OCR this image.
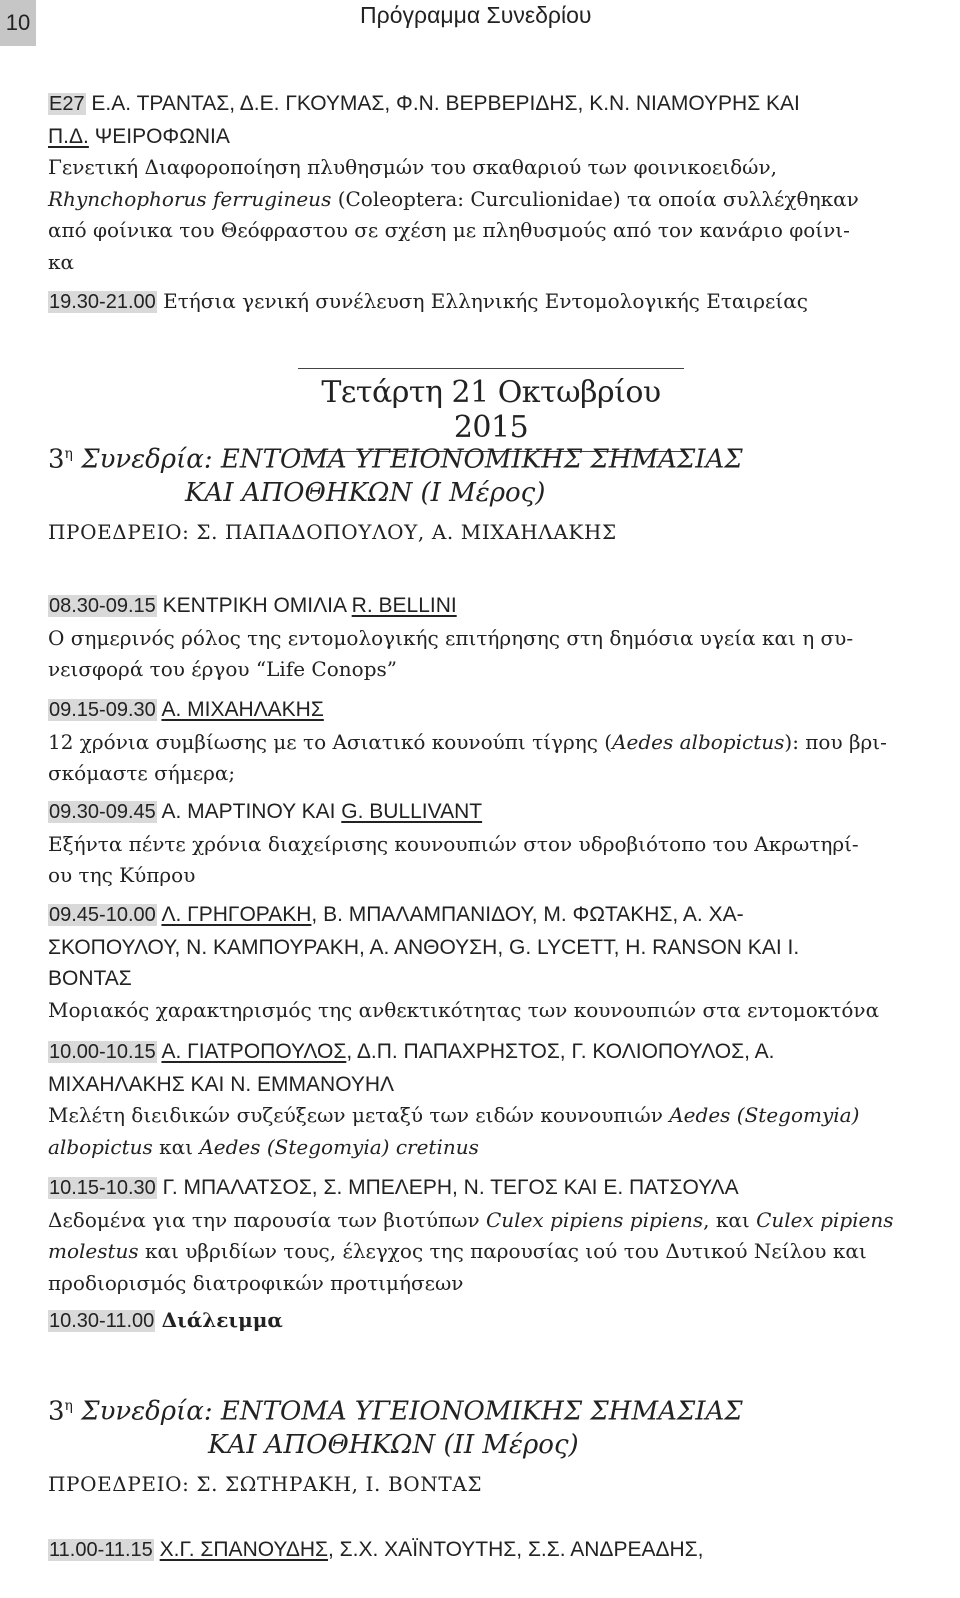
10	Πρόγραμμα Συνεδρίου
Ε27 Ε.Α. ΤΡΑΝΤΑΣ, Δ.Ε. ΓΚΟΥΜΑΣ, Φ.Ν. ΒΕΡΒΕΡΙΔΗΣ, Κ.Ν. ΝΙΑΜΟΥΡΗΣ ΚΑΙ
Π.Δ. ΨΕΙΡΟΦΩΝΙΑ
Γενετική Διαφοροποίηση πλυθησμών του σκαθαριού των φοινικοειδών,
Rhynchophorus ferrugineus (Coleoptera: Curculionidae) τα οποία συλλέχθηκαν
από φοίνικα του Θεόφραστου σε σχέση με πληθυσμούς από τον κανάριο φοίνι-
κα
19.30-21.00 Ετήσια γενική συνέλευση Ελληνικής Εντομολογικής Εταιρείας
Τετάρτη 21 Οκτωβρίου 2015
$3^\eta$ Συνεδρία: ΕΝΤΟΜΑ ΥΓΕΙΟΝΟΜΙΚΗΣ ΣΗΜΑΣΙΑΣ
ΚΑΙ ΑΠΟΘΗΚΩΝ (Ι Μέρος)
ΠΡΟΕΔΡΕΙΟ: Σ. ΠΑΠΑΔΟΠΟΥΛΟΥ, Α. ΜΙΧΑΗΛΑΚΗΣ
08.30-09.15 ΚΕΝΤΡΙΚΗ ΟΜΙΛΙΑ R. BELLINI
Ο σημερινός ρόλος της εντομολογικής επιτήρησης στη δημόσια υγεία και η συ-
νεισφορά του έργου “Life Conops”
09.15-09.30 Α. ΜΙΧΑΗΛΑΚΗΣ
12 χρόνια συμβίωσης με το Ασιατικό κουνούπι τίγρης (Aedes albopictus): που βρι-
σκόμαστε σήμερα;
09.30-09.45 Α. ΜΑΡΤΙΝΟΥ ΚΑΙ G. BULLIVANT
Εξήντα πέντε χρόνια διαχείρισης κουνουπιών στον υδροβιότοπο του Ακρωτηρί-
ου της Κύπρου
09.45-10.00 Λ. ΓΡΗΓΟΡΑΚΗ, Β. ΜΠΑΛΑΜΠΑΝΙΔΟΥ, Μ. ΦΩΤΑΚΗΣ, Α. ΧΑ-
ΣΚΟΠΟΥΛΟΥ, Ν. ΚΑΜΠΟΥΡΑΚΗ, Α. ΑΝΘΟΥΣΗ, G. LYCETT, H. RANSON ΚΑΙ Ι.
ΒΟΝΤΑΣ
Μοριακός χαρακτηρισμός της ανθεκτικότητας των κουνουπιών στα εντομοκτόνα
10.00-10.15 Α. ΓΙΑΤΡΟΠΟΥΛΟΣ, Δ.Π. ΠΑΠΑΧΡΗΣΤΟΣ, Γ. ΚΟΛΙΟΠΟΥΛΟΣ, Α.
ΜΙΧΑΗΛΑΚΗΣ ΚΑΙ Ν. ΕΜΜΑΝΟΥΗΛ
Μελέτη διειδικών συζεύξεων μεταξύ των ειδών κουνουπιών Aedes (Stegomyia)
albopictus και Aedes (Stegomyia) cretinus
10.15-10.30 Γ. ΜΠΑΛΑΤΣΟΣ, Σ. ΜΠΕΛΕΡΗ, Ν. ΤΕΓΟΣ ΚΑΙ Ε. ΠΑΤΣΟΥΛΑ
Δεδομένα για την παρουσία των βιοτύπων Culex pipiens pipiens, και Culex pipiens
molestus και υβριδίων τους, έλεγχος της παρουσίας ιού του Δυτικού Νείλου και
προδιορισμός διατροφικών προτιμήσεων
10.30-11.00 Διάλειμμα
$3^\eta$ Συνεδρία: ΕΝΤΟΜΑ ΥΓΕΙΟΝΟΜΙΚΗΣ ΣΗΜΑΣΙΑΣ
ΚΑΙ ΑΠΟΘΗΚΩΝ (ΙΙ Μέρος)
ΠΡΟΕΔΡΕΙΟ: Σ. ΣΩΤΗΡΑΚΗ, Ι. ΒΟΝΤΑΣ
11.00-11.15 Χ.Γ. ΣΠΑΝΟΥΔΗΣ, Σ.Χ. ΧΑΪΝΤΟΥΤΗΣ, Σ.Σ. ΑΝΔΡΕΑΔΗΣ,
